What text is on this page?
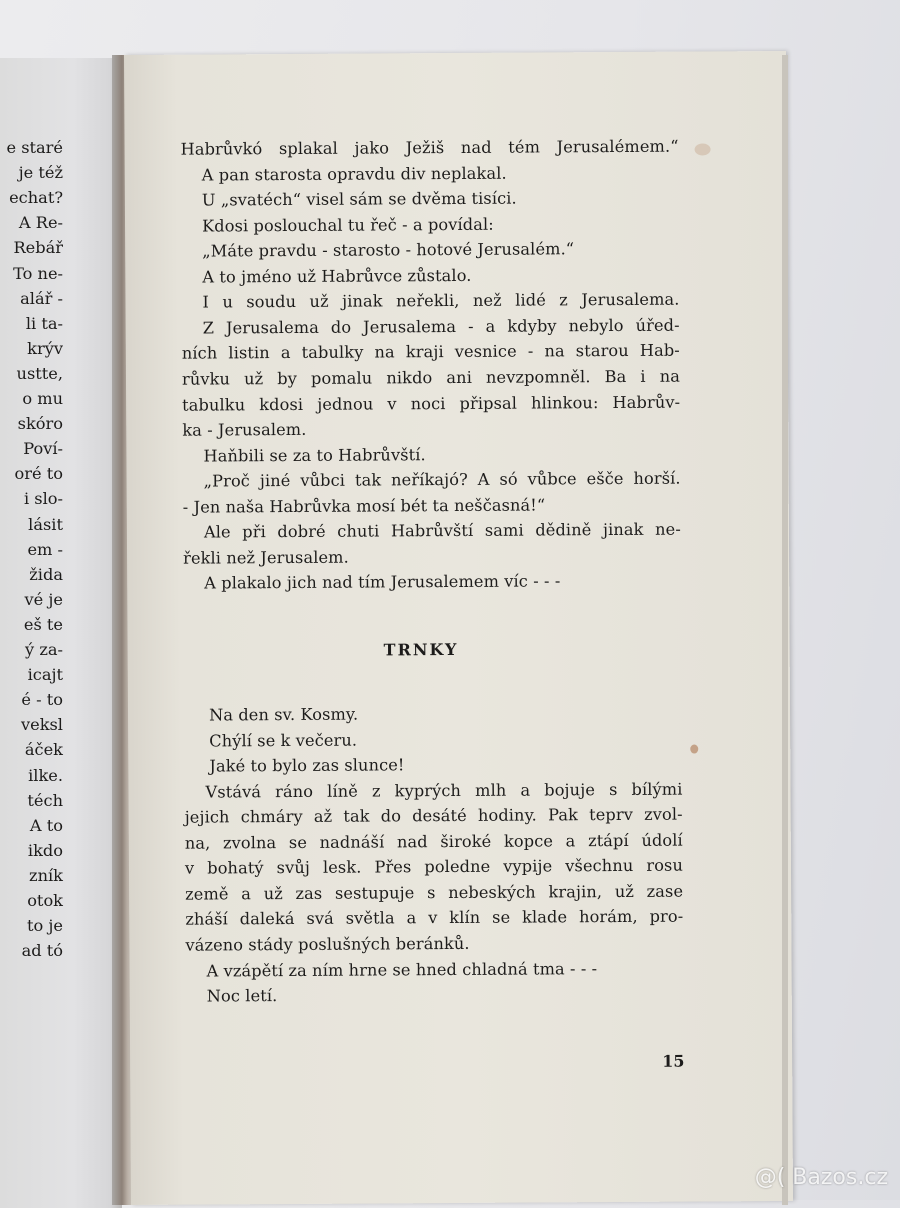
e staré
je též
echat?
A Re-
Rebář
To ne-
alář -
li ta-
krýv
ustte,
o mu
skóro
Poví-
oré to
i slo-
lásit
em -
žida
vé je
eš te
ý za-
icajt
é - to
veksl
áček
ilke.
téch
A to
ikdo
zník
otok
to je
ad tó
Habrůvkó splakal jako Ježiš nad tém Jerusalémem.“
A pan starosta opravdu div neplakal.
U „svatéch“ visel sám se dvěma tisíci.
Kdosi poslouchal tu řeč - a povídal:
„Máte pravdu - starosto - hotové Jerusalém.“
A to jméno už Habrůvce zůstalo.
I u soudu už jinak neřekli, než lidé z Jerusalema.
Z Jerusalema do Jerusalema - a kdyby nebylo úřed-
ních listin a tabulky na kraji vesnice - na starou Hab-
růvku už by pomalu nikdo ani nevzpomněl. Ba i na
tabulku kdosi jednou v noci připsal hlinkou: Habrův-
ka - Jerusalem.
Haňbili se za to Habrůvští.
„Proč jiné vůbci tak neříkajó? A só vůbce ešče horší.
- Jen naša Habrůvka mosí bét ta neščasná!“
Ale při dobré chuti Habrůvští sami dědině jinak ne-
řekli než Jerusalem.
A plakalo jich nad tím Jerusalemem víc - - -
TRNKY
Na den sv. Kosmy.
Chýlí se k večeru.
Jaké to bylo zas slunce!
Vstává ráno líně z kyprých mlh a bojuje s bílými
jejich chmáry až tak do desáté hodiny. Pak teprv zvol-
na, zvolna se nadnáší nad široké kopce a ztápí údolí
v bohatý svůj lesk. Přes poledne vypije všechnu rosu
země a už zas sestupuje s nebeských krajin, už zase
zháší daleká svá světla a v klín se klade horám, pro-
vázeno stády poslušných beránků.
A vzápětí za ním hrne se hned chladná tma - - -
Noc letí.
15
@( Bazos.cz
